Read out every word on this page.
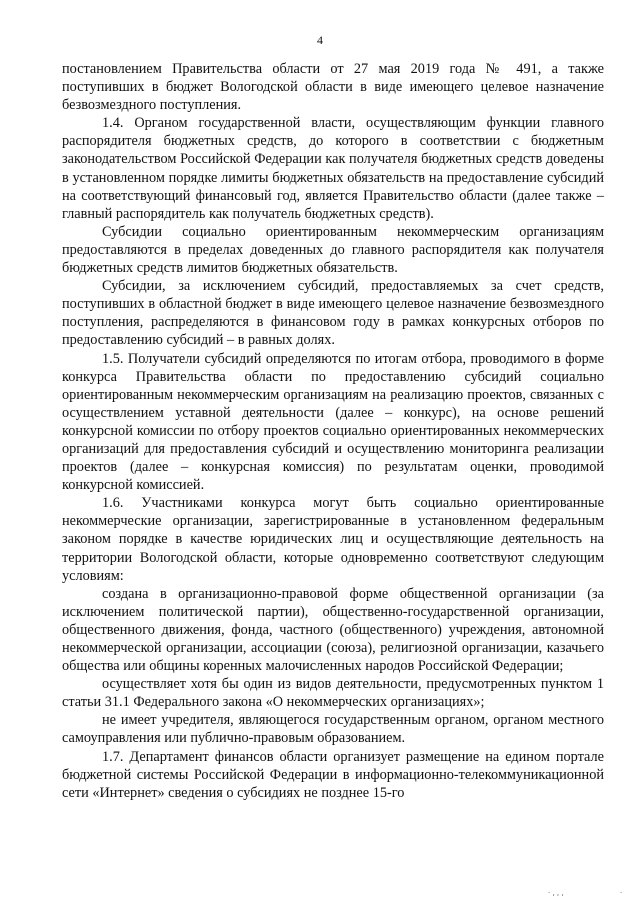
4

постановлением Правительства области от 27 мая 2019 года № 491, а также поступивших в бюджет Вологодской области в виде имеющего целевое назначение безвозмездного поступления.

1.4. Органом государственной власти, осуществляющим функции главного распорядителя бюджетных средств, до которого в соответствии с бюджетным законодательством Российской Федерации как получателя бюджетных средств доведены в установленном порядке лимиты бюджетных обязательств на предоставление субсидий на соответствующий финансовый год, является Правительство области (далее также – главный распорядитель как получатель бюджетных средств).

Субсидии социально ориентированным некоммерческим организациям предоставляются в пределах доведенных до главного распорядителя как получателя бюджетных средств лимитов бюджетных обязательств.

Субсидии, за исключением субсидий, предоставляемых за счет средств, поступивших в областной бюджет в виде имеющего целевое назначение безвозмездного поступления, распределяются в финансовом году в рамках конкурсных отборов по предоставлению субсидий – в равных долях.

1.5. Получатели субсидий определяются по итогам отбора, проводимого в форме конкурса Правительства области по предоставлению субсидий социально ориентированным некоммерческим организациям на реализацию проектов, связанных с осуществлением уставной деятельности (далее – конкурс), на основе решений конкурсной комиссии по отбору проектов социально ориентированных некоммерческих организаций для предоставления субсидий и осуществлению мониторинга реализации проектов (далее – конкурсная комиссия) по результатам оценки, проводимой конкурсной комиссией.

1.6. Участниками конкурса могут быть социально ориентированные некоммерческие организации, зарегистрированные в установленном федеральным законом порядке в качестве юридических лиц и осуществляющие деятельность на территории Вологодской области, которые одновременно соответствуют следующим условиям:

создана в организационно-правовой форме общественной организации (за исключением политической партии), общественно-государственной организации, общественного движения, фонда, частного (общественного) учреждения, автономной некоммерческой организации, ассоциации (союза), религиозной организации, казачьего общества или общины коренных малочисленных народов Российской Федерации;

осуществляет хотя бы один из видов деятельности, предусмотренных пунктом 1 статьи 31.1 Федерального закона «О некоммерческих организациях»;

не имеет учредителя, являющегося государственным органом, органом местного самоуправления или публично-правовым образованием.

1.7. Департамент финансов области организует размещение на едином портале бюджетной системы Российской Федерации в информационно-телекоммуникационной сети «Интернет» сведения о субсидиях не позднее 15-го

· ‚ ‚ ‚	·
